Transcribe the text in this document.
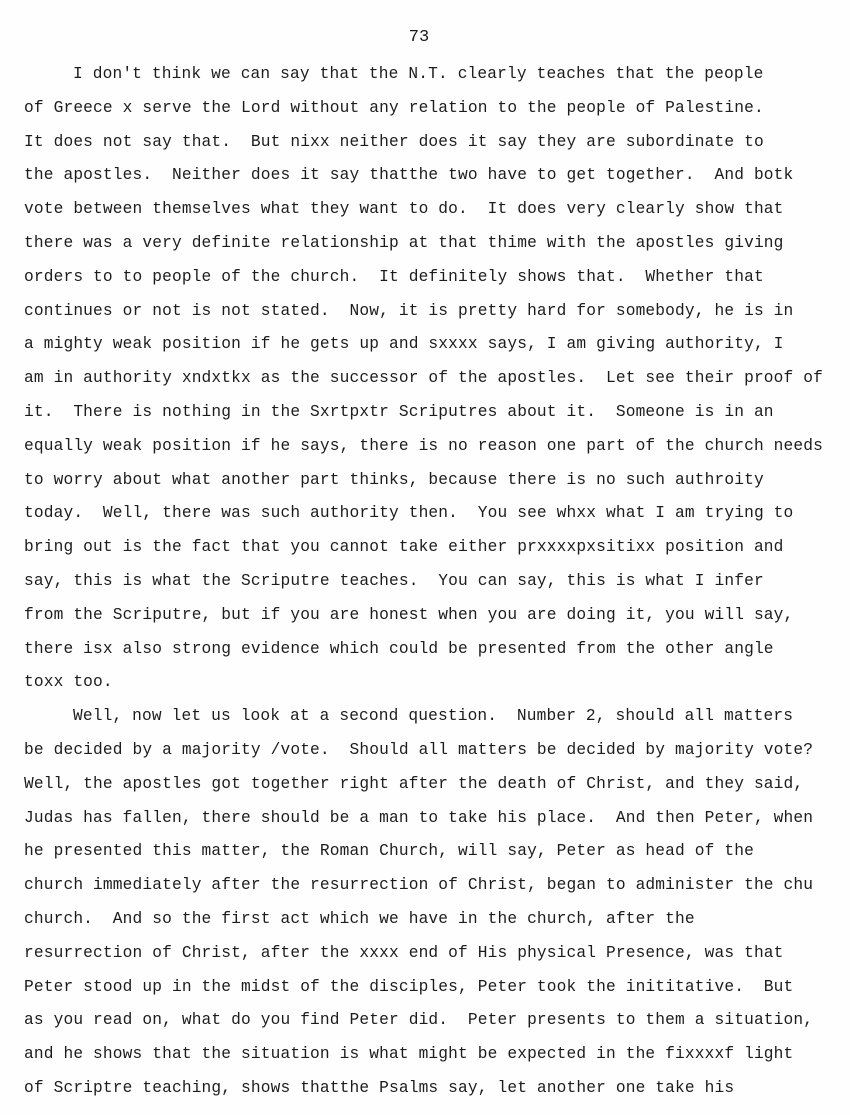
73
I don't think we can say that the N.T. clearly teaches that the people
of Greece x serve the Lord without any relation to the people of Palestine.
It does not say that.  But nixx neither does it say they are subordinate to
the apostles.  Neither does it say thatthe two have to get together.  And botk
vote between themselves what they want to do.  It does very clearly show that
there was a very definite relationship at that thime with the apostles giving
orders to to people of the church.  It definitely shows that.  Whether that
continues or not is not stated.  Now, it is pretty hard for somebody, he is in
a mighty weak position if he gets up and sxxxx says, I am giving authority, I
am in authority xndxtkx as the successor of the apostles.  Let see their proof of
it.  There is nothing in the Sxrtpxtr Scriputres about it.  Someone is in an
equally weak position if he says, there is no reason one part of the church needs
to worry about what another part thinks, because there is no such authroity
today.  Well, there was such authority then.  You see whxx what I am trying to
bring out is the fact that you cannot take either prxxxxpxsitixx position and
say, this is what the Scriputre teaches.  You can say, this is what I infer
from the Scriputre, but if you are honest when you are doing it, you will say,
there isx also strong evidence which could be presented from the other angle
toxx too.
Well, now let us look at a second question.  Number 2, should all matters
be decided by a majority /vote.  Should all matters be decided by majority vote?
Well, the apostles got together right after the death of Christ, and they said,
Judas has fallen, there should be a man to take his place.  And then Peter, when
he presented this matter, the Roman Church, will say, Peter as head of the
church immediately after the resurrection of Christ, began to administer the chu
church.  And so the first act which we have in the church, after the
resurrection of Christ, after the xxxx end of His physical Presence, was that
Peter stood up in the midst of the disciples, Peter took the inititative.  But
as you read on, what do you find Peter did.  Peter presents to them a situation,
and he shows that the situation is what might be expected in the fixxxxf light
of Scriptre teaching, shows thatthe Psalms say, let another one take his
